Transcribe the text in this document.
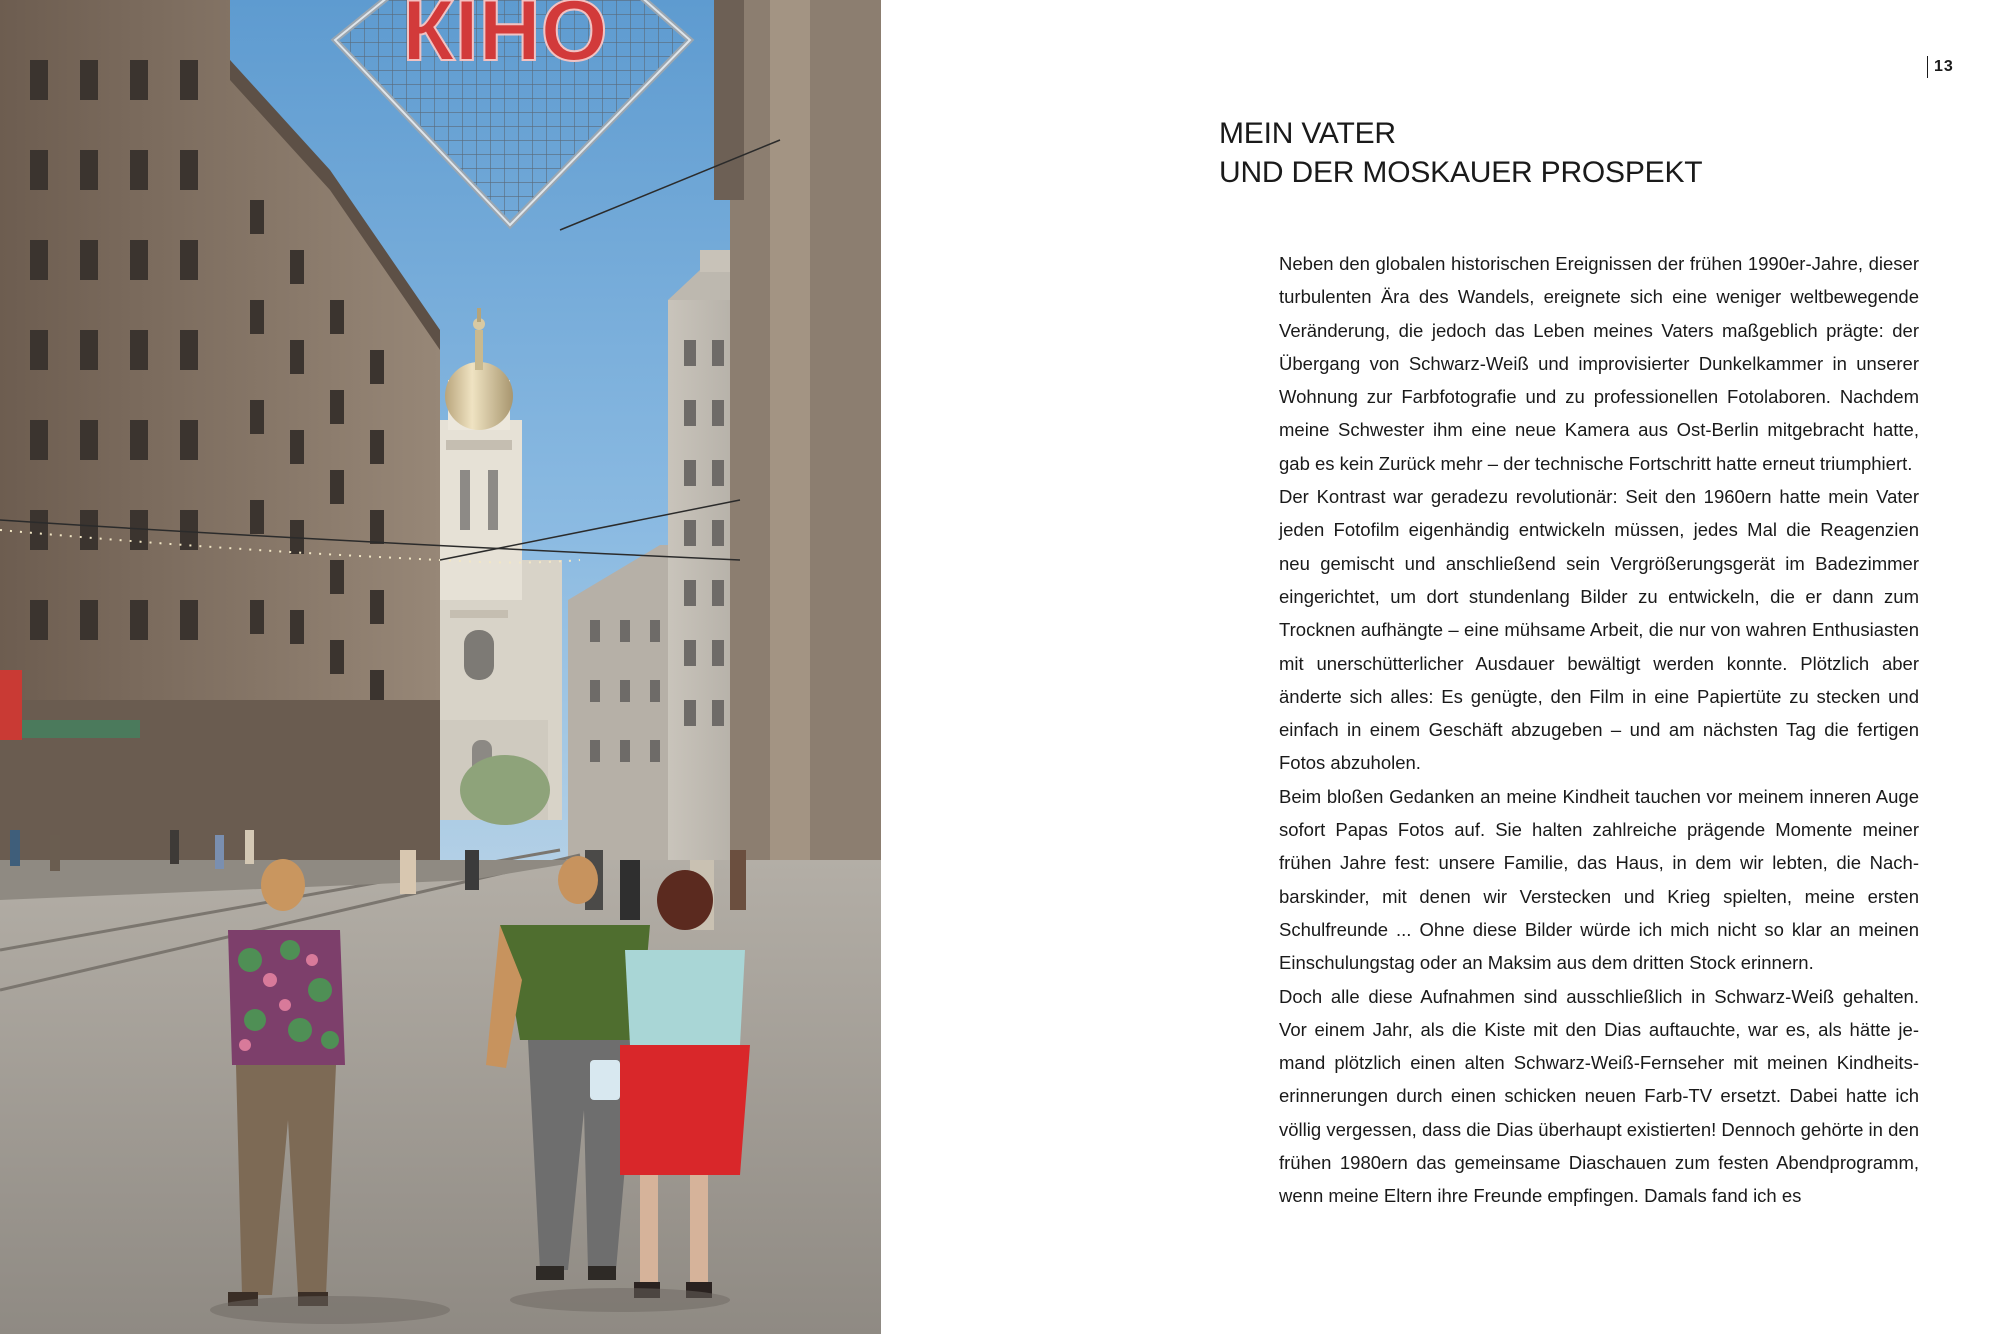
КІНО	13
MEIN VATER
UND DER MOSKAUER PROSPEKT

Neben den globalen historischen Ereignissen der frühen 1990er-Jahre, dieser turbulenten Ära des Wandels, ereignete sich eine weniger weltbewegende Veränderung, die jedoch das Leben meines Vaters maßgeblich prägte: der Übergang von Schwarz-Weiß und improvisierter Dunkelkammer in unserer Wohnung zur Farbfotografie und zu professionellen Fotolaboren. Nachdem meine Schwester ihm eine neue Kamera aus Ost-Berlin mitgebracht hatte, gab es kein Zurück mehr – der technische Fortschritt hatte erneut triumphiert.

Der Kontrast war geradezu revolutionär: Seit den 1960ern hatte mein Vater jeden Fotofilm eigenhändig entwickeln müssen, jedes Mal die Reagenzien neu gemischt und anschließend sein Vergrößerungsgerät im Badezimmer eingerichtet, um dort stundenlang Bilder zu entwickeln, die er dann zum Trocknen aufhängte – eine mühsame Arbeit, die nur von wahren Enthusiasten mit unerschütterlicher Ausdauer bewältigt werden konnte. Plötzlich aber änderte sich alles: Es genügte, den Film in eine Papiertüte zu stecken und einfach in einem Geschäft abzugeben – und am nächsten Tag die fertigen Fotos abzuholen.

Beim bloßen Gedanken an meine Kindheit tauchen vor meinem inneren Auge sofort Papas Fotos auf. Sie halten zahlreiche prägende Momente meiner frühen Jahre fest: unsere Familie, das Haus, in dem wir lebten, die Nachbarskinder, mit denen wir Verstecken und Krieg spielten, meine ersten Schulfreunde ... Ohne diese Bilder würde ich mich nicht so klar an meinen Einschulungstag oder an Maksim aus dem dritten Stock erinnern.

Doch alle diese Aufnahmen sind ausschließlich in Schwarz-Weiß gehalten. Vor einem Jahr, als die Kiste mit den Dias auftauchte, war es, als hätte jemand plötzlich einen alten Schwarz-Weiß-Fernseher mit meinen Kindheitserinnerungen durch einen schicken neuen Farb-TV ersetzt. Dabei hatte ich völlig vergessen, dass die Dias überhaupt existierten! Dennoch gehörte in den frühen 1980ern das gemeinsame Diaschauen zum festen Abendprogramm, wenn meine Eltern ihre Freunde empfingen. Damals fand ich es
